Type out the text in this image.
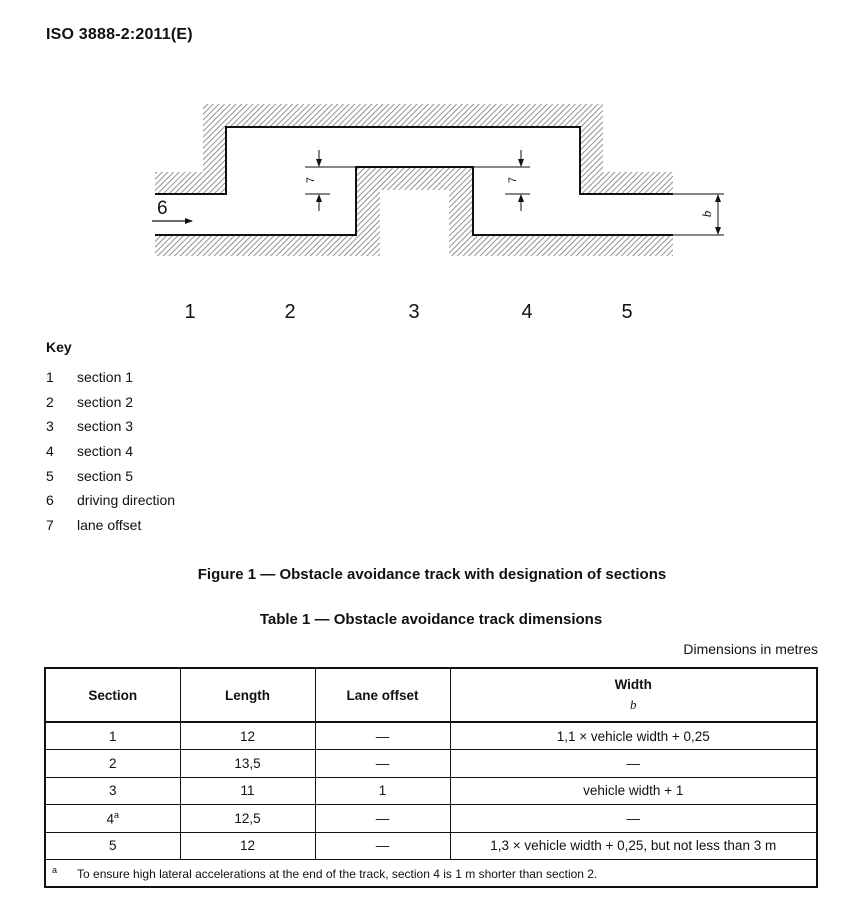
ISO 3888-2:2011(E)
7	7
b
6
1	2	3	4	5
Key
1	section 1
2	section 2
3	section 3
4	section 4
5	section 5
6	driving direction
7	lane offset
Figure 1 — Obstacle avoidance track with designation of sections
Table 1 — Obstacle avoidance track dimensions
Dimensions in metres
Section	Length	Lane offset	Width
b

1	12	—	1,1 × vehicle width + 0,25
2	13,5	—	—
3	11	1	vehicle width + 1
4$^a$	12,5	—	—
5	12	—	1,3 × vehicle width + 0,25, but not less than 3 m
$^a$ To ensure high lateral accelerations at the end of the track, section 4 is 1 m shorter than section 2.			
